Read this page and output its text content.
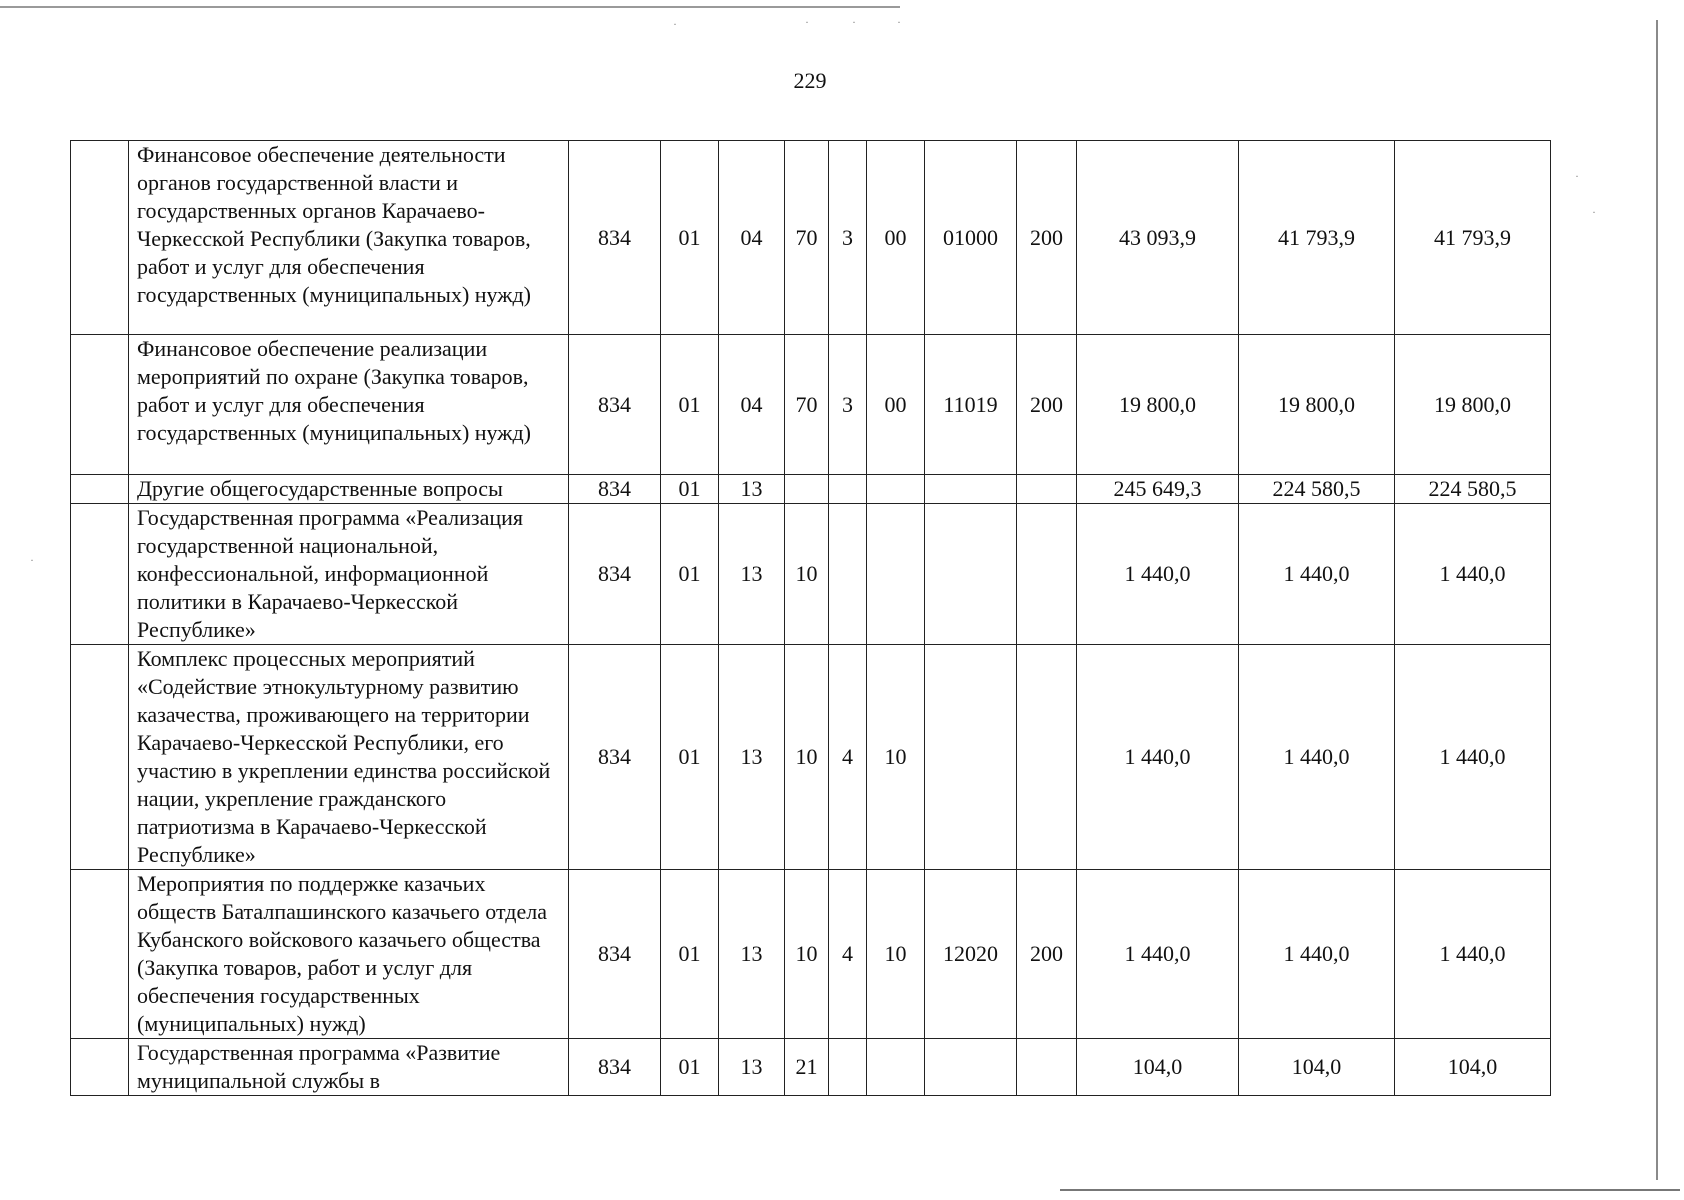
·	·	·	·
·
·
·
229
	Финансовое обеспечение деятельности органов государственной власти и государственных органов Карачаево-Черкесской Республики (Закупка товаров, работ и услуг для обеспечения государственных (муниципальных) нужд)	834	01	04	70	3	00	01000	200	43 093,9	41 793,9	41 793,9
	Финансовое обеспечение реализации мероприятий по охране (Закупка товаров, работ и услуг для обеспечения государственных (муниципальных) нужд)	834	01	04	70	3	00	11019	200	19 800,0	19 800,0	19 800,0
	Другие общегосударственные вопросы	834	01	13						245 649,3	224 580,5	224 580,5
	Государственная программа «Реализация государственной национальной, конфессиональной, информационной политики в Карачаево-Черкесской Республике»	834	01	13	10					1 440,0	1 440,0	1 440,0
	Комплекс процессных мероприятий «Содействие этнокультурному развитию казачества, проживающего на территории Карачаево-Черкесской Республики, его участию в укреплении единства российской нации, укрепление гражданского патриотизма в Карачаево-Черкесской Республике»	834	01	13	10	4	10			1 440,0	1 440,0	1 440,0
	Мероприятия по поддержке казачьих обществ Баталпашинского казачьего отдела Кубанского войскового казачьего общества (Закупка товаров, работ и услуг для обеспечения государственных (муниципальных) нужд)	834	01	13	10	4	10	12020	200	1 440,0	1 440,0	1 440,0
	Государственная программа «Развитие муниципальной службы в	834	01	13	21					104,0	104,0	104,0
